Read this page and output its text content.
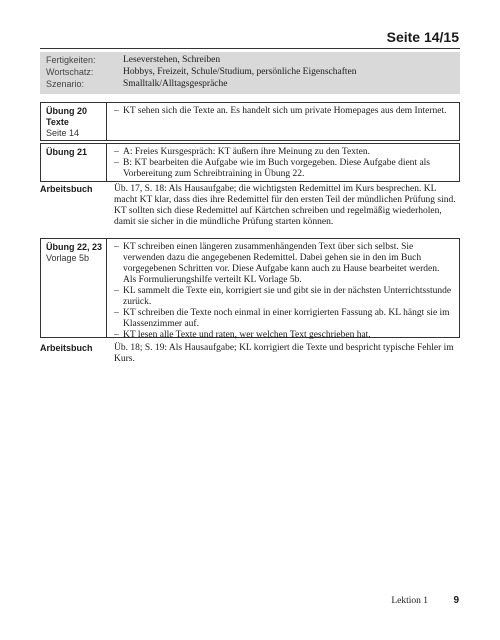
Seite 14/15
Fertigkeiten:	Leseverstehen, Schreiben
Wortschatz:	Hobbys, Freizeit, Schule/Studium, persönliche Eigenschaften
Szenario:	Smalltalk/Alltagsgespräche
Übung 20
Texte
Seite 14
– KT sehen sich die Texte an. Es handelt sich um private Homepages aus dem Internet.
Übung 21	– A: Freies Kursgespräch: KT äußern ihre Meinung zu den Texten.
– B: KT bearbeiten die Aufgabe wie im Buch vorgegeben. Diese Aufgabe dient als Vorbereitung zum Schreibtraining in Übung 22.
Arbeitsbuch Üb. 17, S. 18: Als Hausaufgabe; die wichtigsten Redemittel im Kurs besprechen. KL macht KT klar, dass dies ihre Redemittel für den ersten Teil der mündlichen Prüfung sind. KT sollten sich diese Redemittel auf Kärtchen schreiben und regelmäßig wiederholen, damit sie sicher in die mündliche Prüfung starten können.
Übung 22, 23
Vorlage 5b
– KT schreiben einen längeren zusammenhängenden Text über sich selbst. Sie verwenden dazu die angegebenen Redemittel. Dabei gehen sie in den im Buch vorgegebenen Schritten vor. Diese Aufgabe kann auch zu Hause bearbeitet werden. Als Formulierungshilfe verteilt KL Vorlage 5b.
– KL sammelt die Texte ein, korrigiert sie und gibt sie in der nächsten Unterrichtsstunde zurück.
– KT schreiben die Texte noch einmal in einer korrigierten Fassung ab. KL hängt sie im Klassenzimmer auf.
– KT lesen alle Texte und raten, wer welchen Text geschrieben hat.
Arbeitsbuch Üb. 18; S. 19: Als Hausaufgabe; KL korrigiert die Texte und bespricht typische Fehler im Kurs.
Lektion 1	9
